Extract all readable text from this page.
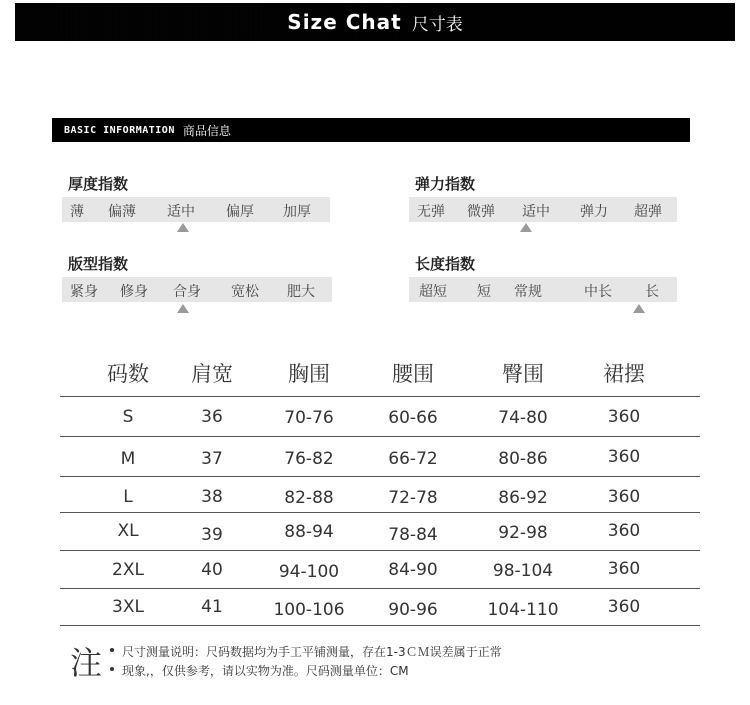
Size Chat 尺寸表
BASIC INFORMATION 商品信息
厚度指数
薄 偏薄 适中 偏厚 加厚
弹力指数
无弹 微弹 适中 弹力 超弹
版型指数
紧身 修身 合身 宽松 肥大
长度指数
超短 短 常规	中长 长
码数 肩宽	胸围	腰围	臀围	裙摆
S	36	70-76	60-66	74-80	360
M	37	76-82	66-72	80-86	360
L	38	82-88	72-78	86-92	360
XL	39	88-94	78-84	92-98	360
2XL	40	94-100	84-90	98-104	360
3XL	41	100-106	90-96	104-110	360
注 尺寸测量说明：尺码数据均为手工平铺测量，存在1-3ＣＭ误差属于正常
现象,，仅供参考，请以实物为准。尺码测量单位：CM
